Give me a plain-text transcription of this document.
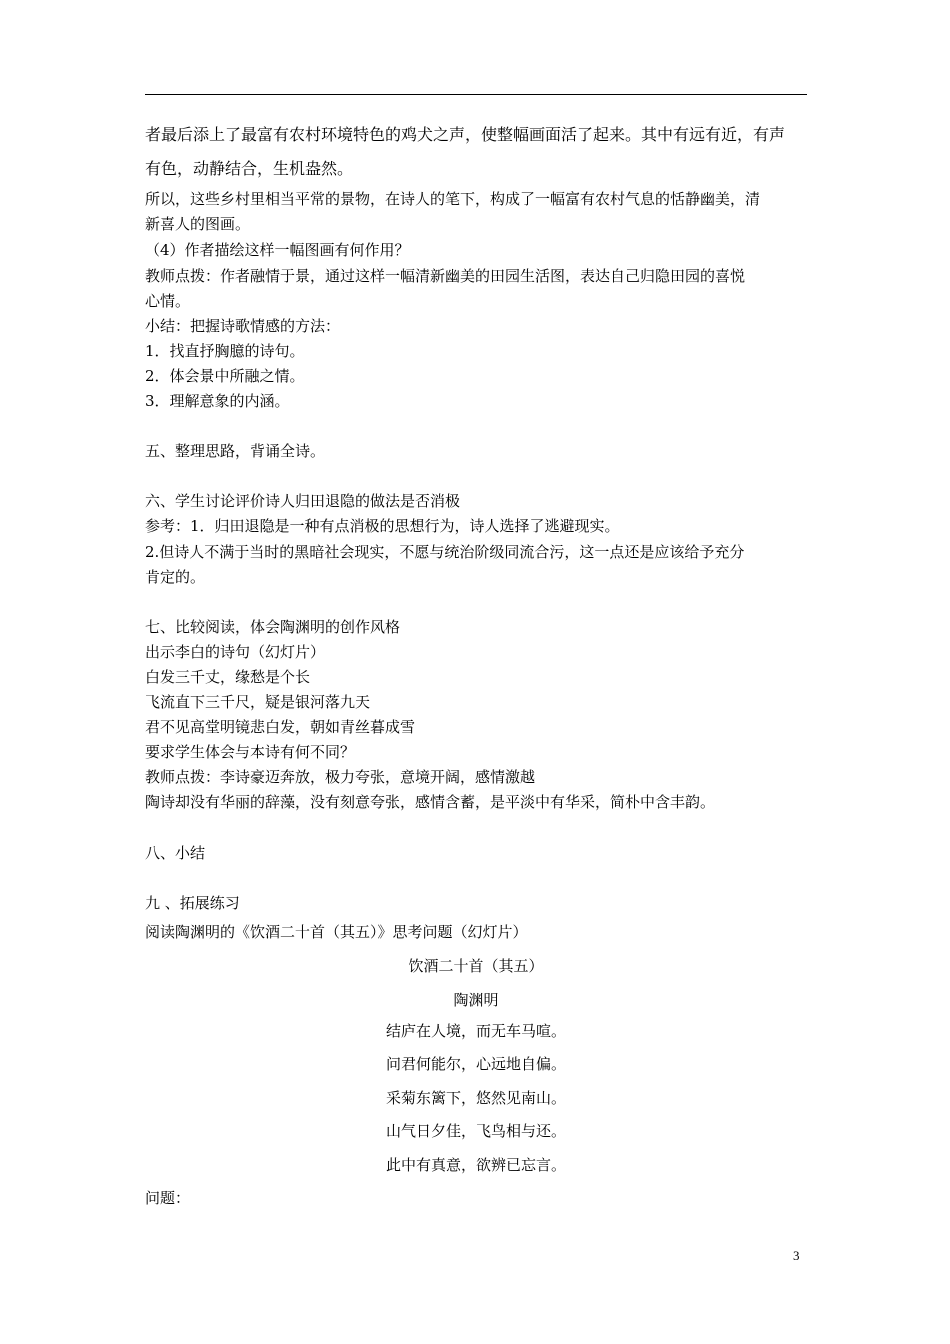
者最后添上了最富有农村环境特色的鸡犬之声，使整幅画面活了起来。其中有远有近，有声
有色，动静结合，生机盎然。
所以，这些乡村里相当平常的景物，在诗人的笔下，构成了一幅富有农村气息的恬静幽美，清
新喜人的图画。
（4）作者描绘这样一幅图画有何作用？
教师点拨：作者融情于景，通过这样一幅清新幽美的田园生活图，表达自己归隐田园的喜悦
心情。
小结：把握诗歌情感的方法：
1．找直抒胸臆的诗句。
2．体会景中所融之情。
3．理解意象的内涵。
五、整理思路，背诵全诗。
六、学生讨论评价诗人归田退隐的做法是否消极
参考：1．归田退隐是一种有点消极的思想行为，诗人选择了逃避现实。
2.但诗人不满于当时的黑暗社会现实，不愿与统治阶级同流合污，这一点还是应该给予充分
肯定的。
七、比较阅读，体会陶渊明的创作风格
出示李白的诗句（幻灯片）
白发三千丈，缘愁是个长
飞流直下三千尺，疑是银河落九天
君不见高堂明镜悲白发，朝如青丝暮成雪
要求学生体会与本诗有何不同？
教师点拨：李诗豪迈奔放，极力夸张，意境开阔，感情激越
陶诗却没有华丽的辞藻，没有刻意夸张，感情含蓄，是平淡中有华采，简朴中含丰韵。
八、小结
九 、拓展练习
阅读陶渊明的《饮酒二十首（其五）》思考问题（幻灯片）
饮酒二十首（其五）
陶渊明
结庐在人境，而无车马喧。
问君何能尔，心远地自偏。
采菊东篱下，悠然见南山。
山气日夕佳，飞鸟相与还。
此中有真意，欲辨已忘言。
问题：
3
